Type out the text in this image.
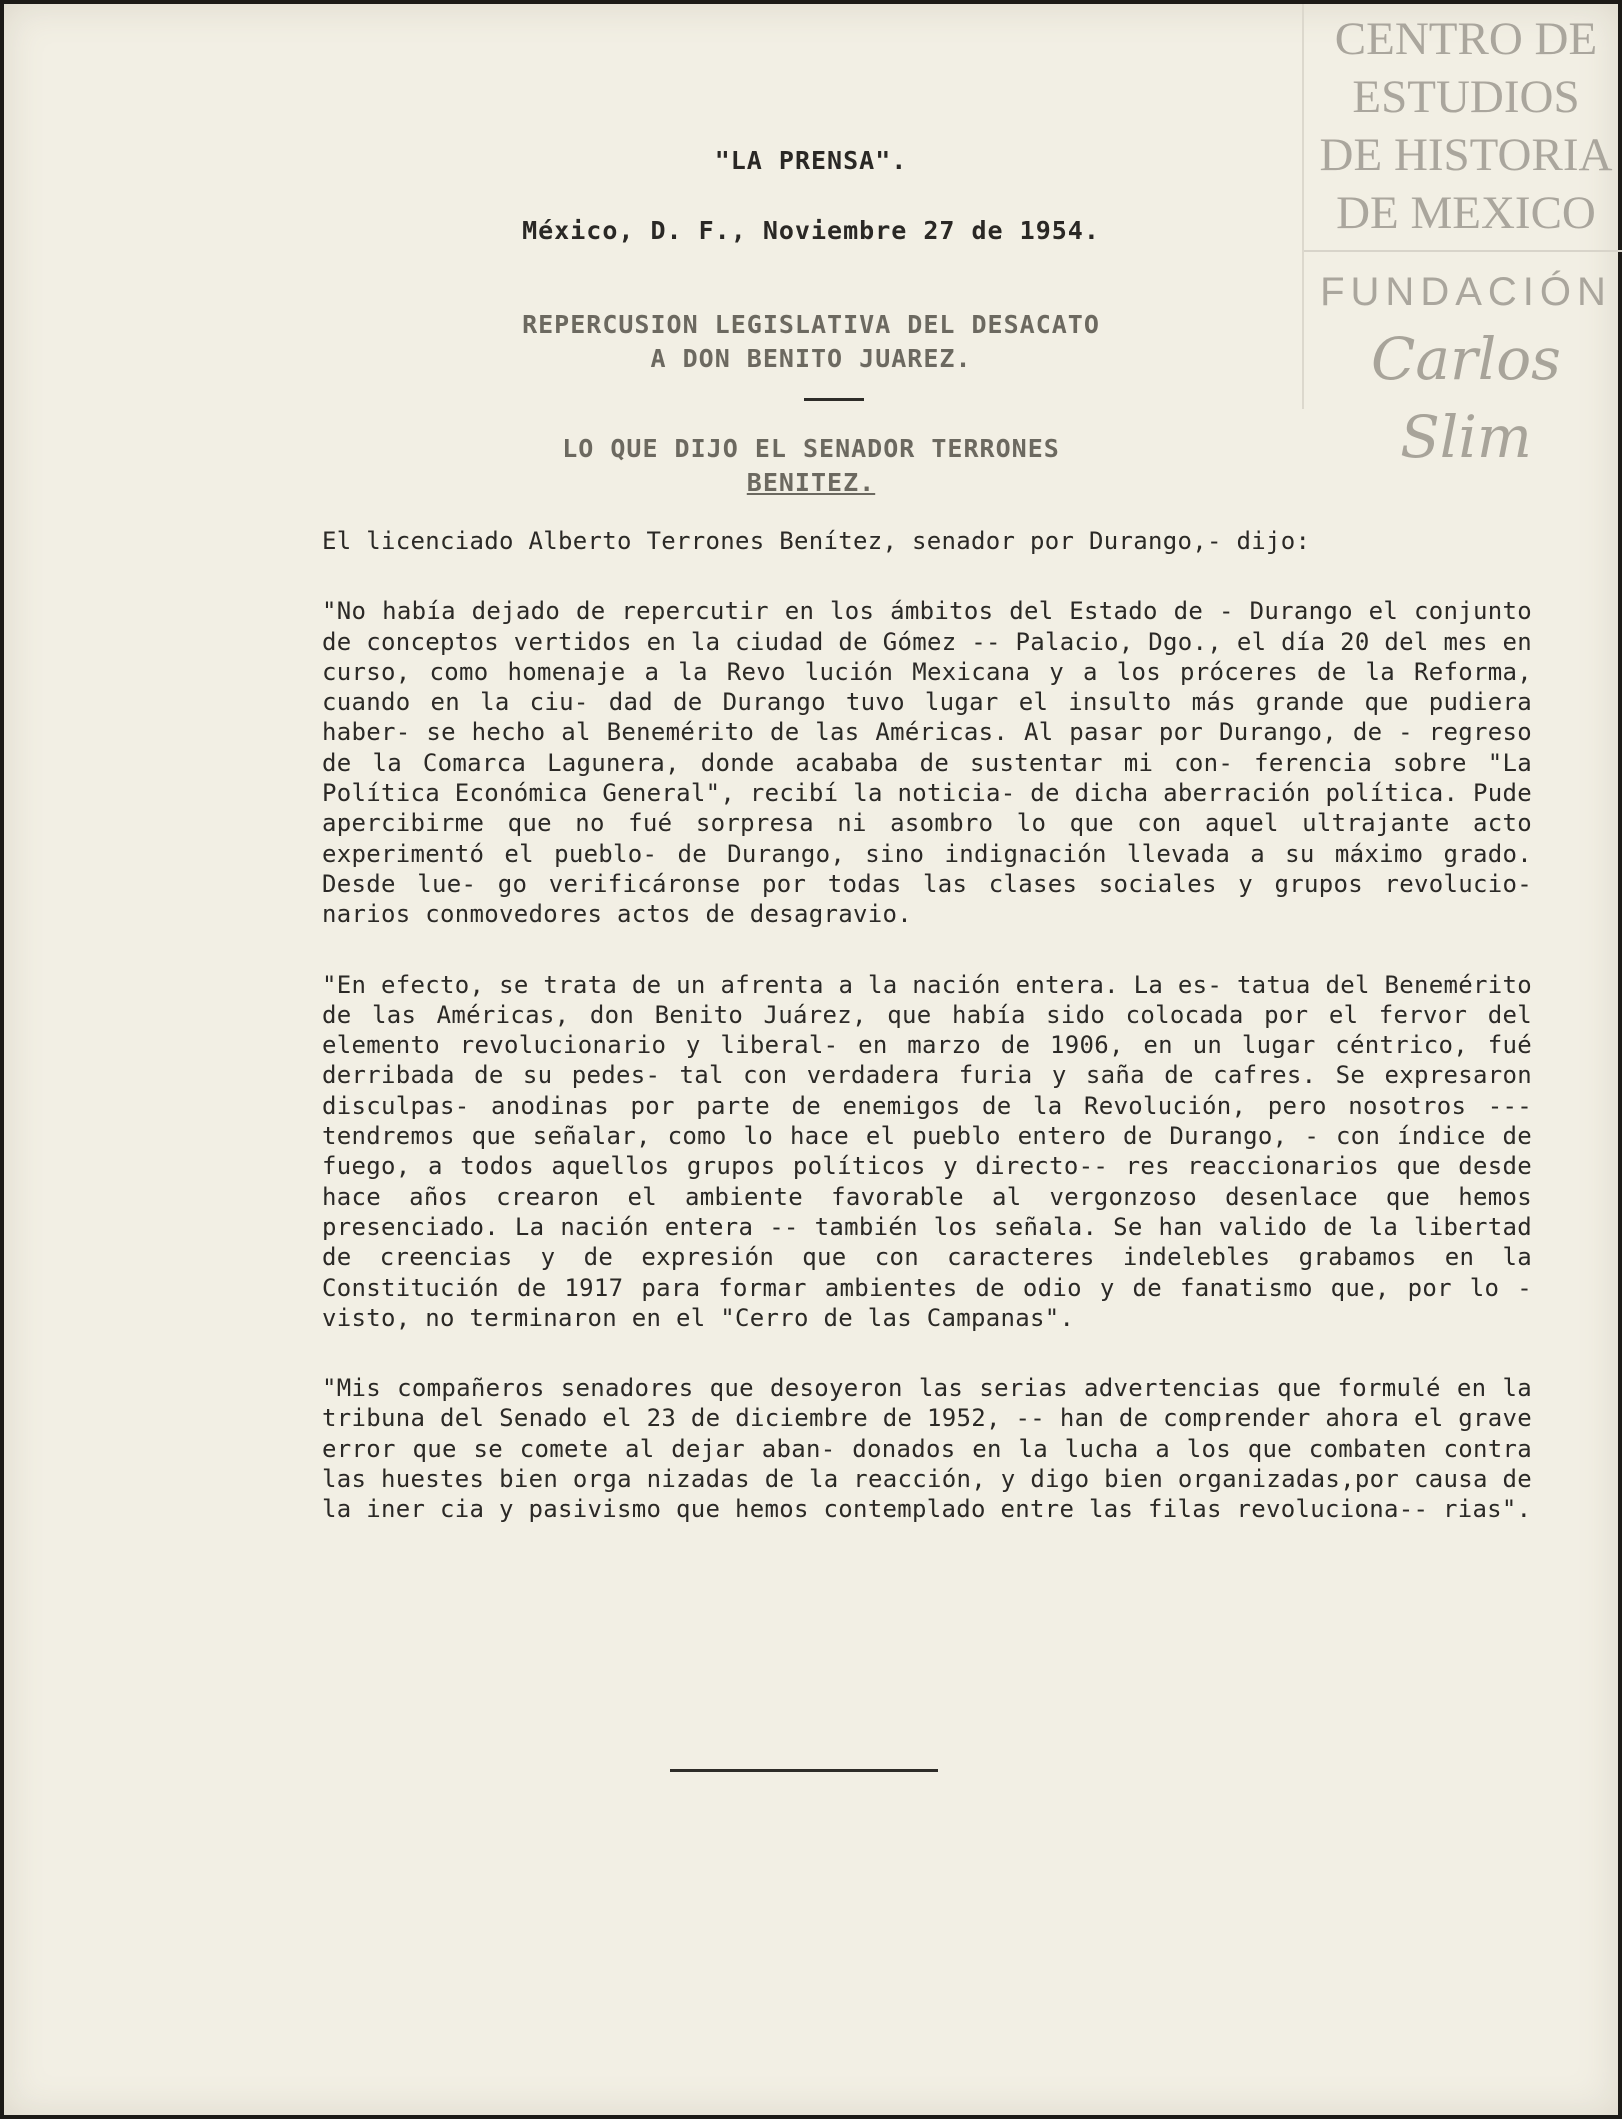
CENTRO DE
ESTUDIOS
DE HISTORIA
DE MEXICO
FUNDACIÓN
Carlos Slim
"LA PRENSA".
México, D. F., Noviembre 27 de 1954.
REPERCUSION LEGISLATIVA DEL DESACATO
A DON BENITO JUAREZ.
LO QUE DIJO EL SENADOR TERRONES
BENITEZ.

El licenciado Alberto Terrones Benítez, senador por Durango,- dijo:

"No había dejado de repercutir en los ámbitos del Estado de - Durango el conjunto de conceptos vertidos en la ciudad de Gómez -- Palacio, Dgo., el día 20 del mes en curso, como homenaje a la Revo lución Mexicana y a los próceres de la Reforma, cuando en la ciu- dad de Durango tuvo lugar el insulto más grande que pudiera haber- se hecho al Benemérito de las Américas. Al pasar por Durango, de - regreso de la Comarca Lagunera, donde acababa de sustentar mi con- ferencia sobre "La Política Económica General", recibí la noticia- de dicha aberración política. Pude apercibirme que no fué sorpresa ni asombro lo que con aquel ultrajante acto experimentó el pueblo- de Durango, sino indignación llevada a su máximo grado. Desde lue- go verificáronse por todas las clases sociales y grupos revolucio- narios conmovedores actos de desagravio.

"En efecto, se trata de un afrenta a la nación entera. La es- tatua del Benemérito de las Américas, don Benito Juárez, que había sido colocada por el fervor del elemento revolucionario y liberal- en marzo de 1906, en un lugar céntrico, fué derribada de su pedes- tal con verdadera furia y saña de cafres. Se expresaron disculpas- anodinas por parte de enemigos de la Revolución, pero nosotros --- tendremos que señalar, como lo hace el pueblo entero de Durango, - con índice de fuego, a todos aquellos grupos políticos y directo-- res reaccionarios que desde hace años crearon el ambiente favorable al vergonzoso desenlace que hemos presenciado. La nación entera -- también los señala. Se han valido de la libertad de creencias y de expresión que con caracteres indelebles grabamos en la Constitución de 1917 para formar ambientes de odio y de fanatismo que, por lo - visto, no terminaron en el "Cerro de las Campanas".

"Mis compañeros senadores que desoyeron las serias advertencias que formulé en la tribuna del Senado el 23 de diciembre de 1952, -- han de comprender ahora el grave error que se comete al dejar aban- donados en la lucha a los que combaten contra las huestes bien orga nizadas de la reacción, y digo bien organizadas,por causa de la iner cia y pasivismo que hemos contemplado entre las filas revoluciona-- rias".
